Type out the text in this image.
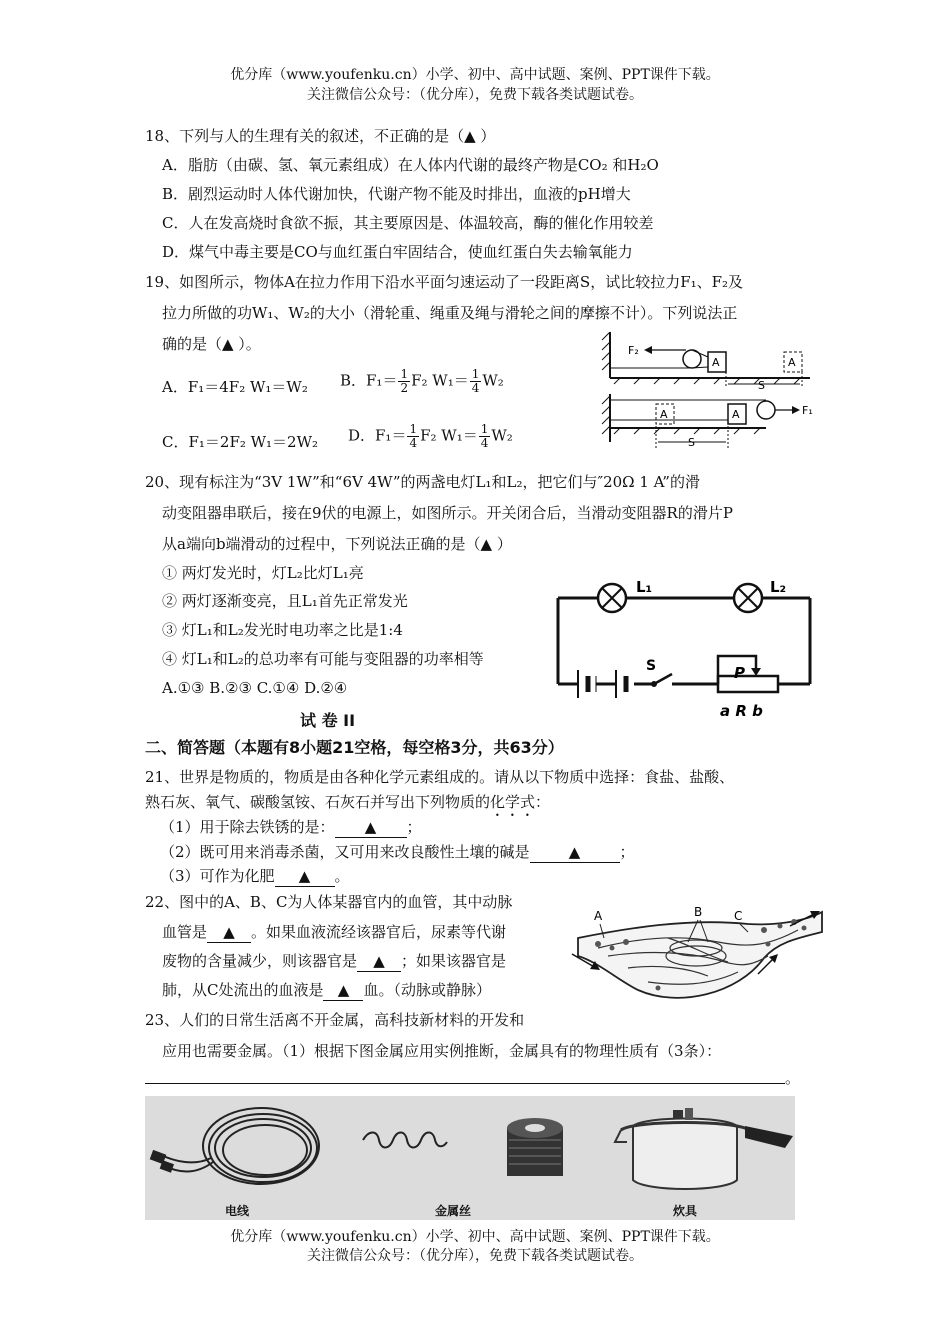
优分库（www.youfenku.cn）小学、初中、高中试题、案例、PPT课件下载。
关注微信公众号：（优分库），免费下载各类试题试卷。
18、下列与人的生理有关的叙述，不正确的是（▲ ）
A．脂肪（由碳、氢、氧元素组成）在人体内代谢的最终产物是CO₂ 和H₂O
B．剧烈运动时人体代谢加快，代谢产物不能及时排出，血液的pH增大
C．人在发高烧时食欲不振，其主要原因是、体温较高，酶的催化作用较差
D．煤气中毒主要是CO与血红蛋白牢固结合，使血红蛋白失去输氧能力
19、如图所示，物体A在拉力作用下沿水平面匀速运动了一段距离S，试比较拉力F₁、F₂及
拉力所做的功W₁、W₂的大小（滑轮重、绳重及绳与滑轮之间的摩擦不计）。下列说法正
确的是（▲ ）。
A．F₁＝4F₂ W₁＝W₂ B．$F_1= \frac{1}{2} F_2$ $W_1= \frac{1}{4} W_2$
C．F₁＝2F₂ W₁＝2W₂ D．$F_1= \frac{1}{4} F_2$ $W_1= \frac{1}{4} W_2$
F₂
A	A
S
A	A	F₁
S
20、现有标注为“3V 1W”和“6V 4W”的两盏电灯L₁和L₂，把它们与″20Ω 1 A”的滑
动变阻器串联后，接在9伏的电源上，如图所示。开关闭合后，当滑动变阻器R的滑片P
从a端向b端滑动的过程中，下列说法正确的是（▲ ）
① 两灯发光时，灯L₂比灯L₁亮
② 两灯逐渐变亮，且L₁首先正常发光
③ 灯L₁和L₂发光时电功率之比是1:4
④ 灯L₁和L₂的总功率有可能与变阻器的功率相等
A.①③ B.②③ C.①④ D.②④
L₁	L₂
S	P
a R b
试 卷 II
二、简答题（本题有8小题21空格，每空格3分，共63分）
21、世界是物质的，物质是由各种化学元素组成的。请从以下物质中选择：食盐、盐酸、
熟石灰、氧气、碳酸氢铵、石灰石并写出下列物质的化学式：
（1）用于除去铁锈的是： ▲ ；
（2）既可用来消毒杀菌，又可用来改良酸性土壤的碱是	▲	；
（3）可作为化肥 ▲ 。
22、图中的A、B、C为人体某器官内的血管，其中动脉
血管是 ▲ 。如果血液流经该器官后，尿素等代谢
废物的含量减少，则该器官是 ▲ ；如果该器官是
肺，从C处流出的血液是 ▲ 血。（动脉或静脉）
A	B	C
23、人们的日常生活离不开金属，高科技新材料的开发和
应用也需要金属。（1）根据下图金属应用实例推断，金属具有的物理性质有（3条）：
。
电线	金属丝	炊具
优分库（www.youfenku.cn）小学、初中、高中试题、案例、PPT课件下载。
关注微信公众号：（优分库），免费下载各类试题试卷。
